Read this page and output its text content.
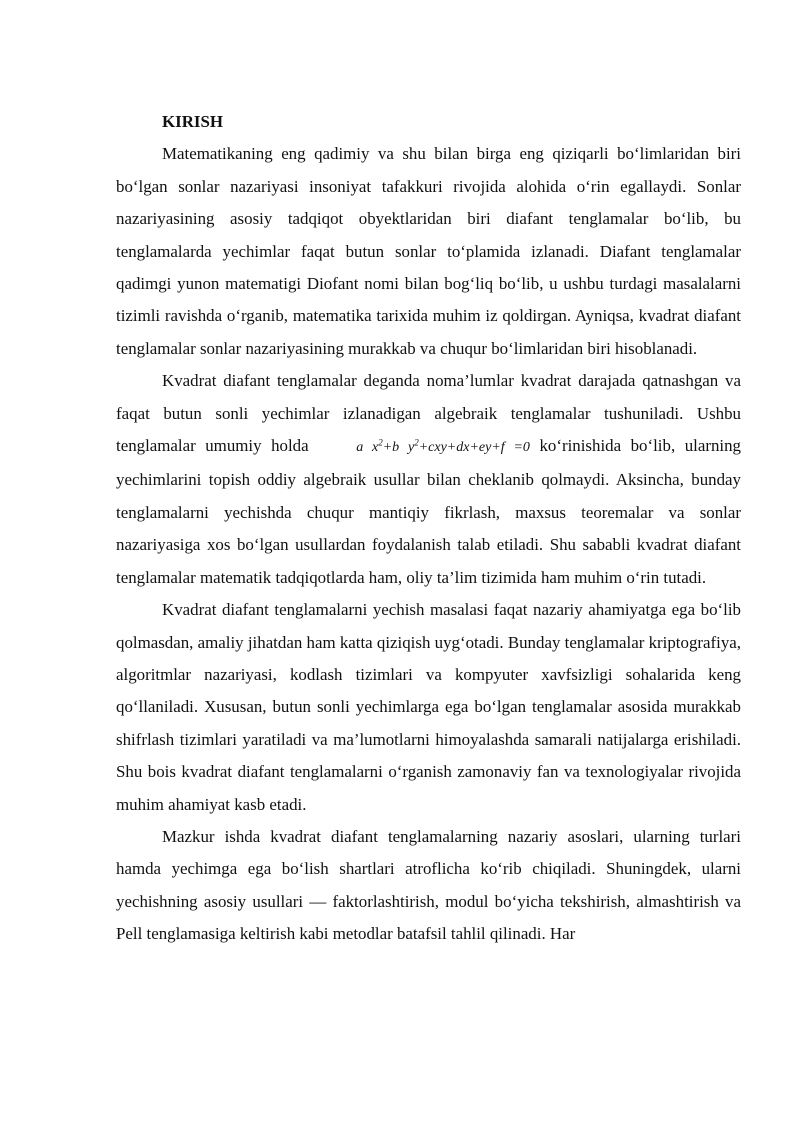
KIRISH

Matematikaning eng qadimiy va shu bilan birga eng qiziqarli bo‘limlaridan biri bo‘lgan sonlar nazariyasi insoniyat tafakkuri rivojida alohida o‘rin egallaydi. Sonlar nazariyasining asosiy tadqiqot obyektlaridan biri diafant tenglamalar bo‘lib, bu tenglamalarda yechimlar faqat butun sonlar to‘plamida izlanadi. Diafant tenglamalar qadimgi yunon matematigi Diofant nomi bilan bog‘liq bo‘lib, u ushbu turdagi masalalarni tizimli ravishda o‘rganib, matematika tarixida muhim iz qoldirgan. Ayniqsa, kvadrat diafant tenglamalar sonlar nazariyasining murakkab va chuqur bo‘limlaridan biri hisoblanadi.

Kvadrat diafant tenglamalar deganda noma’lumlar kvadrat darajada qatnashgan va faqat butun sonli yechimlar izlanadigan algebraik tenglamalar tushuniladi. Ushbu tenglamalar umumiy holda	a $x^2+b$ $y^2+cxy+dx+ey+f =0$ ko‘rinishida bo‘lib, ularning yechimlarini topish oddiy algebraik usullar bilan cheklanib qolmaydi. Aksincha, bunday tenglamalarni yechishda chuqur mantiqiy fikrlash, maxsus teoremalar va sonlar nazariyasiga xos bo‘lgan usullardan foydalanish talab etiladi. Shu sababli kvadrat diafant tenglamalar matematik tadqiqotlarda ham, oliy ta’lim tizimida ham muhim o‘rin tutadi.

Kvadrat diafant tenglamalarni yechish masalasi faqat nazariy ahamiyatga ega bo‘lib qolmasdan, amaliy jihatdan ham katta qiziqish uyg‘otadi. Bunday tenglamalar kriptografiya, algoritmlar nazariyasi, kodlash tizimlari va kompyuter xavfsizligi sohalarida keng qo‘llaniladi. Xususan, butun sonli yechimlarga ega bo‘lgan tenglamalar asosida murakkab shifrlash tizimlari yaratiladi va ma’lumotlarni himoyalashda samarali natijalarga erishiladi. Shu bois kvadrat diafant tenglamalarni o‘rganish zamonaviy fan va texnologiyalar rivojida muhim ahamiyat kasb etadi.

Mazkur ishda kvadrat diafant tenglamalarning nazariy asoslari, ularning turlari hamda yechimga ega bo‘lish shartlari atroflicha ko‘rib chiqiladi. Shuningdek, ularni yechishning asosiy usullari — faktorlashtirish, modul bo‘yicha tekshirish, almashtirish va Pell tenglamasiga keltirish kabi metodlar batafsil tahlil qilinadi. Har
